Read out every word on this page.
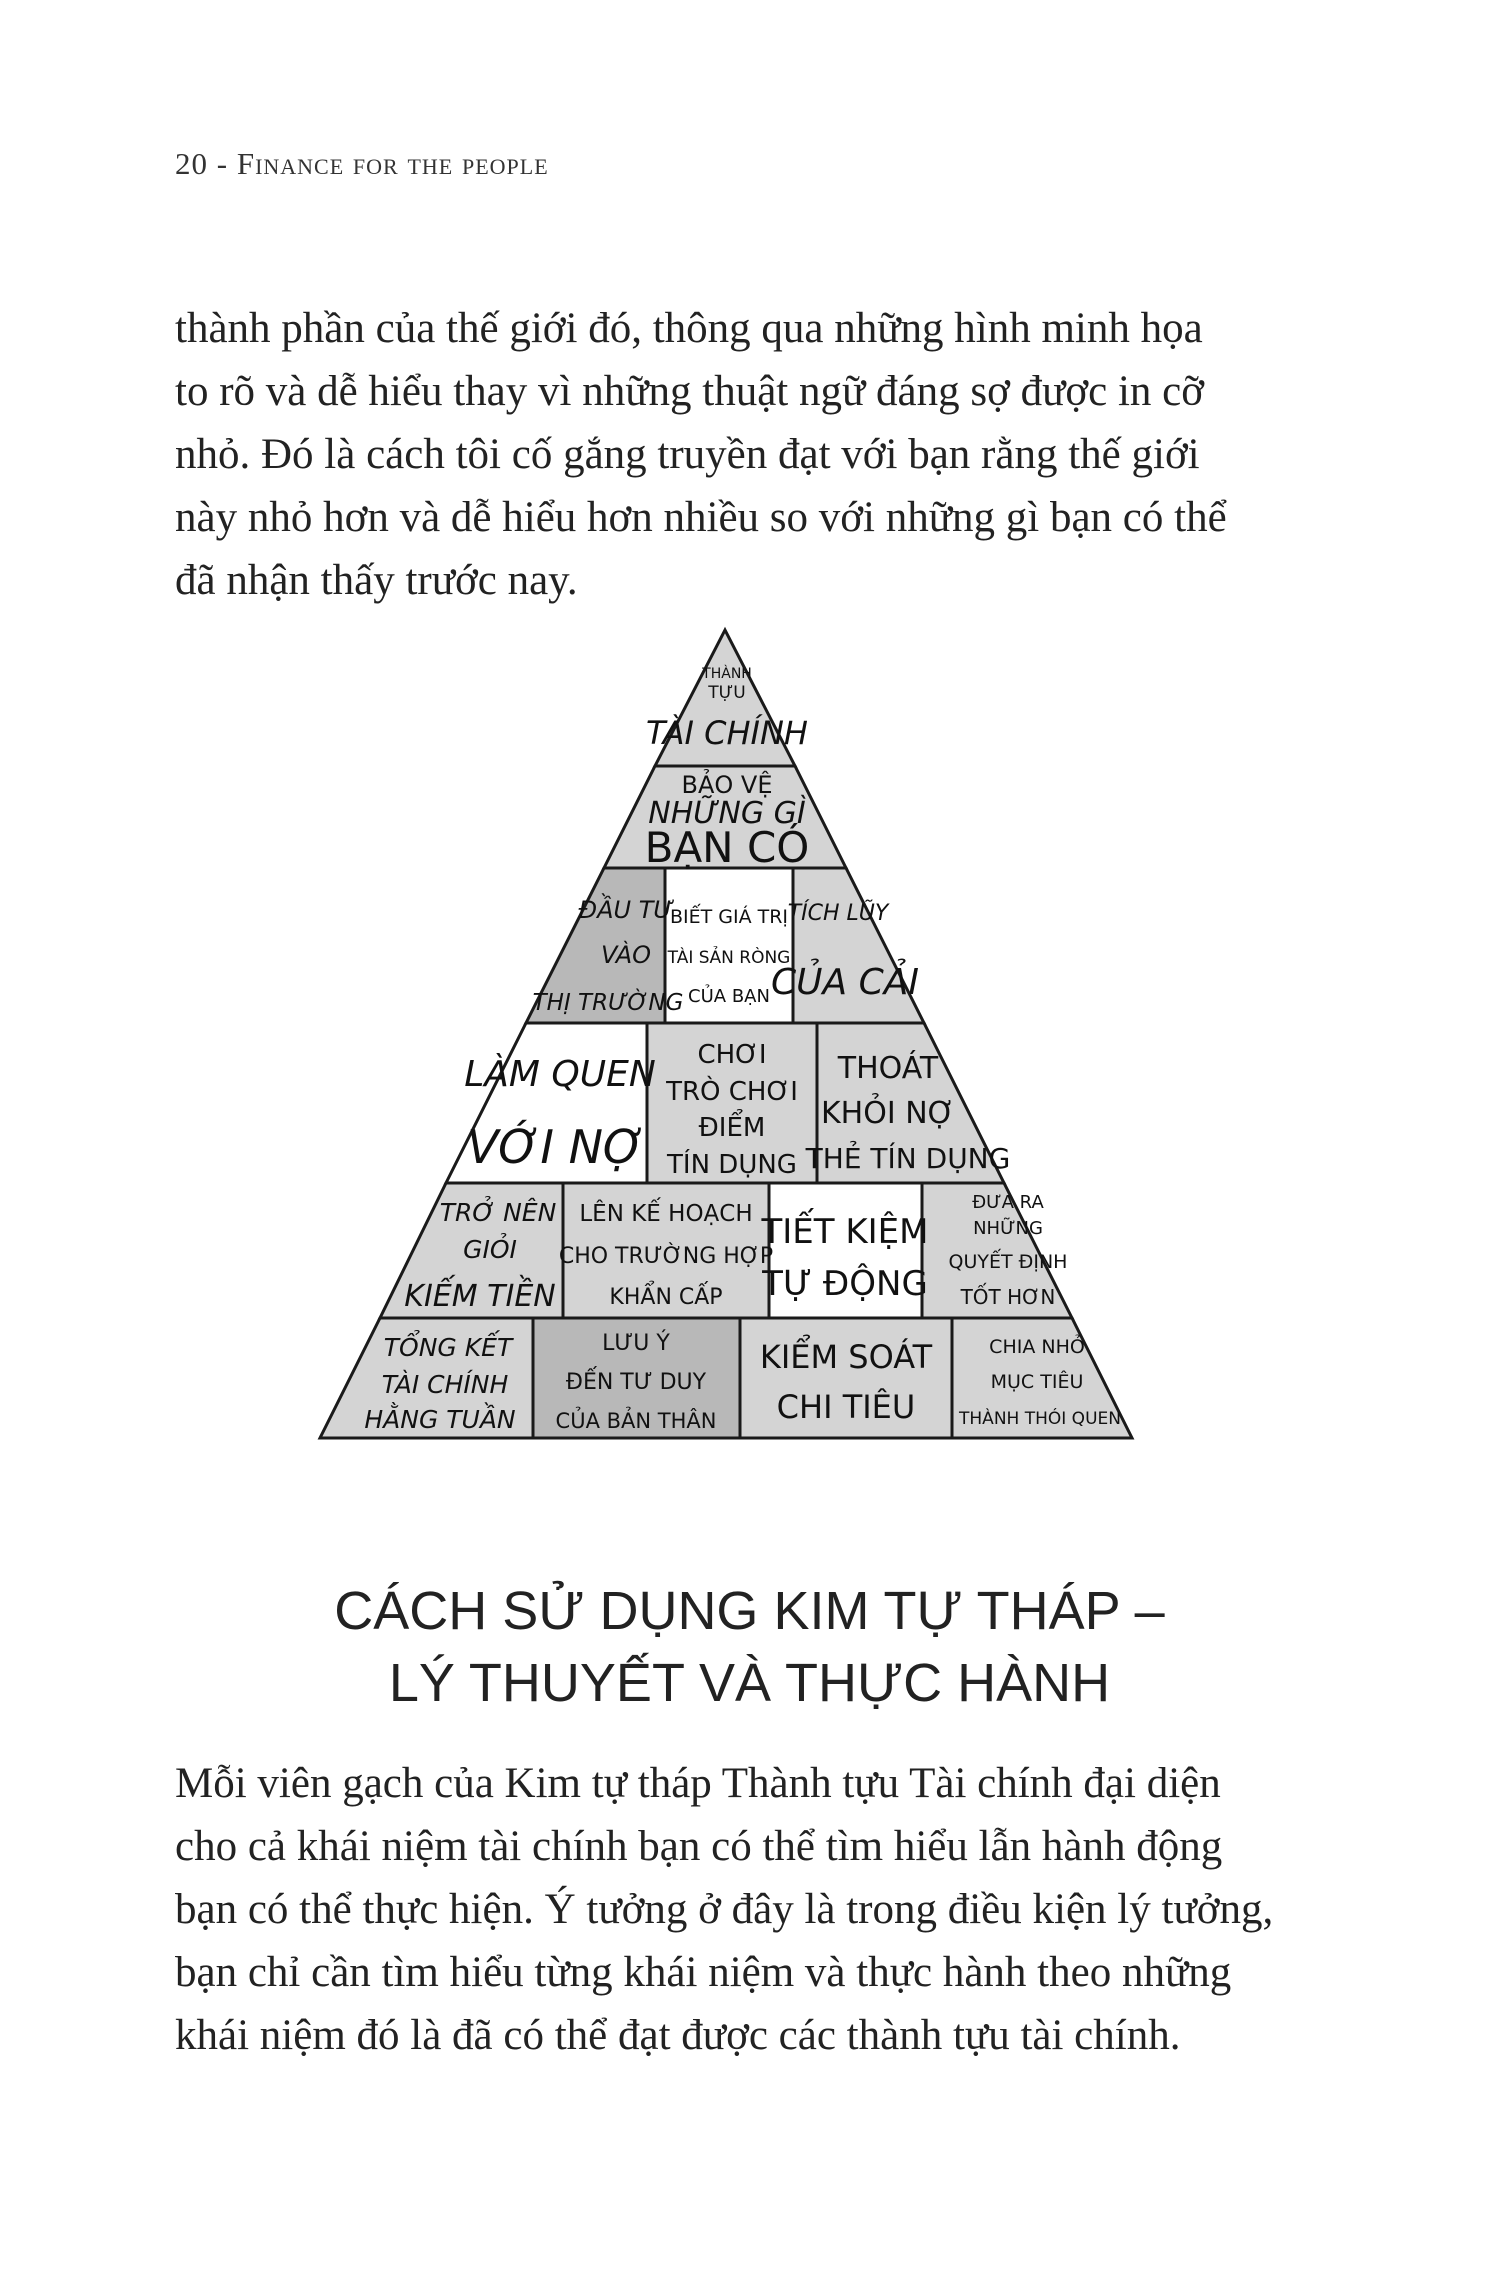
20 - Finance for the people

thành phần của thế giới đó, thông qua những hình minh họa
to rõ và dễ hiểu thay vì những thuật ngữ đáng sợ được in cỡ
nhỏ. Đó là cách tôi cố gắng truyền đạt với bạn rằng thế giới
này nhỏ hơn và dễ hiểu hơn nhiều so với những gì bạn có thể
đã nhận thấy trước nay.

THÀNH
TỰU
TÀI CHÍNH
BẢO VỆ
NHỮNG GÌ
BẠN CÓ
ĐẦU TƯ
VÀO
THỊ TRƯỜNG
BIẾT GIÁ TRỊ
TÀI SẢN RÒNG
CỦA BẠN
TÍCH LŨY
CỦA CẢI
LÀM QUEN
VỚI NỢ
CHƠI
TRÒ CHƠI
ĐIỂM
TÍN DỤNG
THOÁT
KHỎI NỢ
THẺ TÍN DỤNG
TRỞ NÊN
GIỎI
KIẾM TIỀN
LÊN KẾ HOẠCH
CHO TRƯỜNG HỢP
KHẨN CẤP
TIẾT KIỆM
TỰ ĐỘNG
ĐƯA RA
NHỮNG
QUYẾT ĐỊNH
TỐT HƠN
TỔNG KẾT
TÀI CHÍNH
HẰNG TUẦN
LƯU Ý
ĐẾN TƯ DUY
CỦA BẢN THÂN
KIỂM SOÁT
CHI TIÊU
CHIA NHỎ
MỤC TIÊU
THÀNH THÓI QUEN
CÁCH SỬ DỤNG KIM TỰ THÁP –
LÝ THUYẾT VÀ THỰC HÀNH

Mỗi viên gạch của Kim tự tháp Thành tựu Tài chính đại diện
cho cả khái niệm tài chính bạn có thể tìm hiểu lẫn hành động
bạn có thể thực hiện. Ý tưởng ở đây là trong điều kiện lý tưởng,
bạn chỉ cần tìm hiểu từng khái niệm và thực hành theo những
khái niệm đó là đã có thể đạt được các thành tựu tài chính.
